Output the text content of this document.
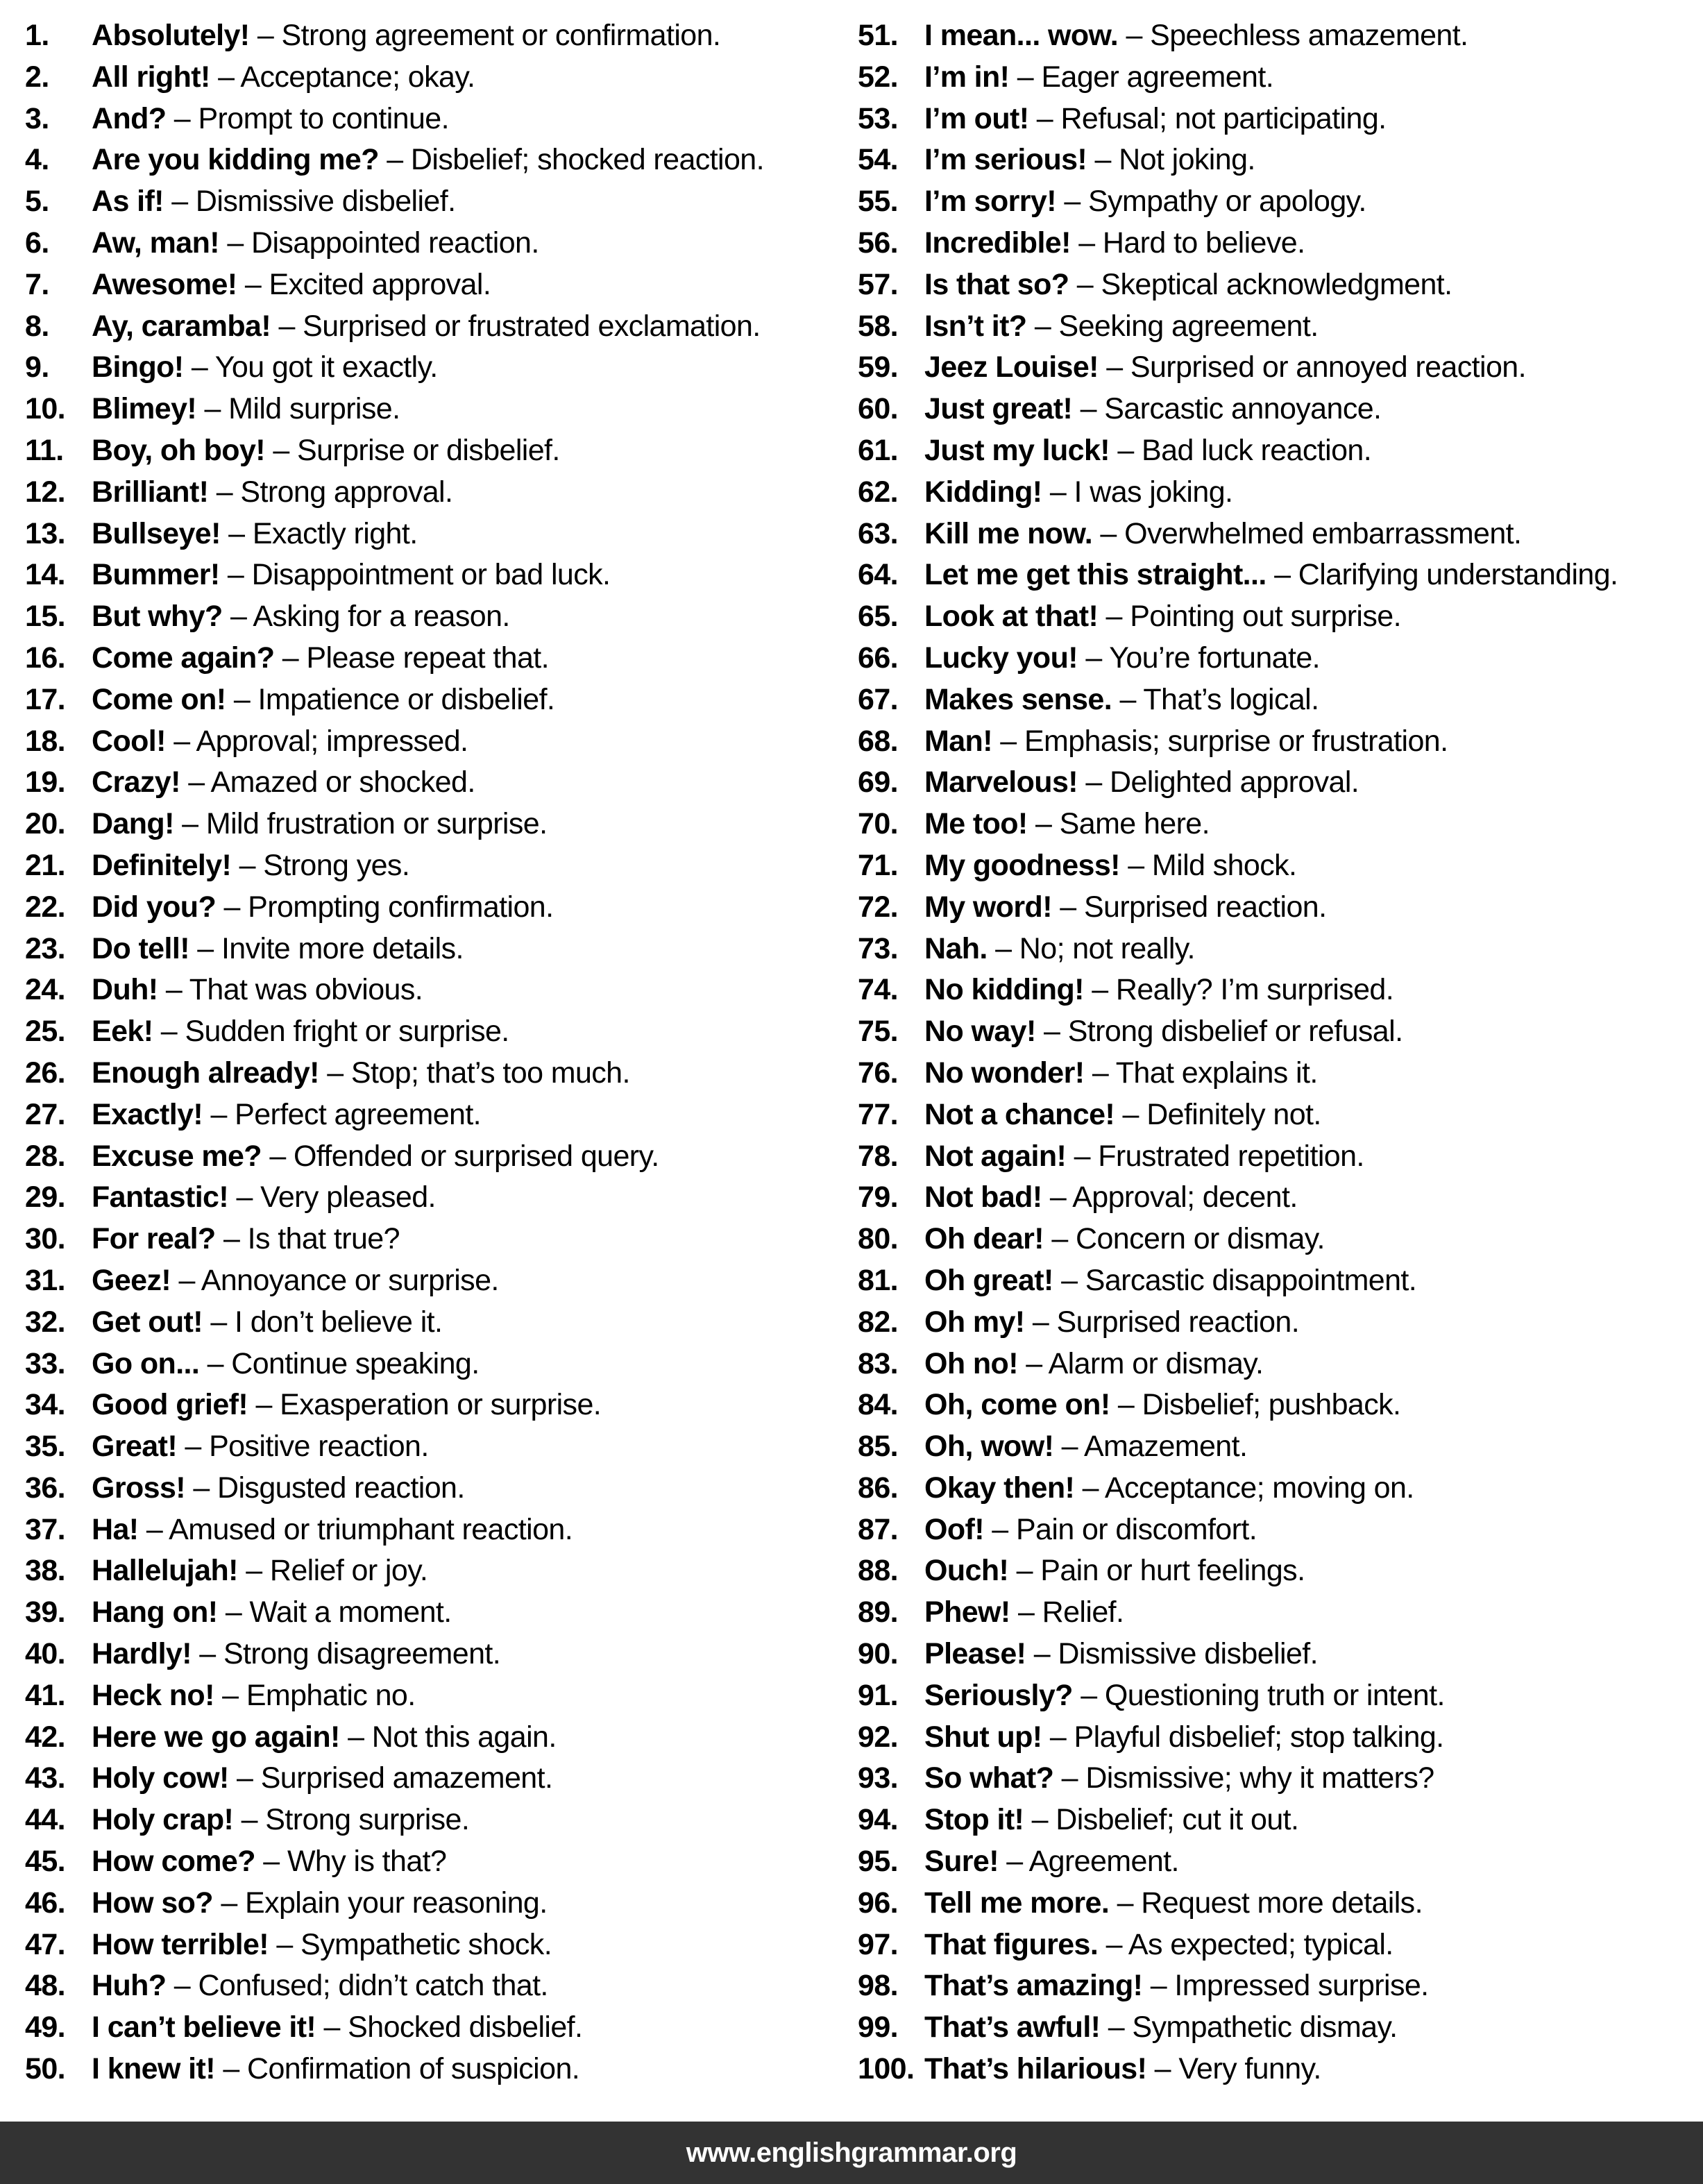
1. Absolutely! – Strong agreement or confirmation.
2. All right! – Acceptance; okay.
3. And? – Prompt to continue.
4. Are you kidding me? – Disbelief; shocked reaction.
5. As if! – Dismissive disbelief.
6. Aw, man! – Disappointed reaction.
7. Awesome! – Excited approval.
8. Ay, caramba! – Surprised or frustrated exclamation.
9. Bingo! – You got it exactly.
10. Blimey! – Mild surprise.
11. Boy, oh boy! – Surprise or disbelief.
12. Brilliant! – Strong approval.
13. Bullseye! – Exactly right.
14. Bummer! – Disappointment or bad luck.
15. But why? – Asking for a reason.
16. Come again? – Please repeat that.
17. Come on! – Impatience or disbelief.
18. Cool! – Approval; impressed.
19. Crazy! – Amazed or shocked.
20. Dang! – Mild frustration or surprise.
21. Definitely! – Strong yes.
22. Did you? – Prompting confirmation.
23. Do tell! – Invite more details.
24. Duh! – That was obvious.
25. Eek! – Sudden fright or surprise.
26. Enough already! – Stop; that’s too much.
27. Exactly! – Perfect agreement.
28. Excuse me? – Offended or surprised query.
29. Fantastic! – Very pleased.
30. For real? – Is that true?
31. Geez! – Annoyance or surprise.
32. Get out! – I don’t believe it.
33. Go on... – Continue speaking.
34. Good grief! – Exasperation or surprise.
35. Great! – Positive reaction.
36. Gross! – Disgusted reaction.
37. Ha! – Amused or triumphant reaction.
38. Hallelujah! – Relief or joy.
39. Hang on! – Wait a moment.
40. Hardly! – Strong disagreement.
41. Heck no! – Emphatic no.
42. Here we go again! – Not this again.
43. Holy cow! – Surprised amazement.
44. Holy crap! – Strong surprise.
45. How come? – Why is that?
46. How so? – Explain your reasoning.
47. How terrible! – Sympathetic shock.
48. Huh? – Confused; didn’t catch that.
49. I can’t believe it! – Shocked disbelief.
50. I knew it! – Confirmation of suspicion.
51. I mean... wow. – Speechless amazement.
52. I’m in! – Eager agreement.
53. I’m out! – Refusal; not participating.
54. I’m serious! – Not joking.
55. I’m sorry! – Sympathy or apology.
56. Incredible! – Hard to believe.
57. Is that so? – Skeptical acknowledgment.
58. Isn’t it? – Seeking agreement.
59. Jeez Louise! – Surprised or annoyed reaction.
60. Just great! – Sarcastic annoyance.
61. Just my luck! – Bad luck reaction.
62. Kidding! – I was joking.
63. Kill me now. – Overwhelmed embarrassment.
64. Let me get this straight... – Clarifying understanding.
65. Look at that! – Pointing out surprise.
66. Lucky you! – You’re fortunate.
67. Makes sense. – That’s logical.
68. Man! – Emphasis; surprise or frustration.
69. Marvelous! – Delighted approval.
70. Me too! – Same here.
71. My goodness! – Mild shock.
72. My word! – Surprised reaction.
73. Nah. – No; not really.
74. No kidding! – Really? I’m surprised.
75. No way! – Strong disbelief or refusal.
76. No wonder! – That explains it.
77. Not a chance! – Definitely not.
78. Not again! – Frustrated repetition.
79. Not bad! – Approval; decent.
80. Oh dear! – Concern or dismay.
81. Oh great! – Sarcastic disappointment.
82. Oh my! – Surprised reaction.
83. Oh no! – Alarm or dismay.
84. Oh, come on! – Disbelief; pushback.
85. Oh, wow! – Amazement.
86. Okay then! – Acceptance; moving on.
87. Oof! – Pain or discomfort.
88. Ouch! – Pain or hurt feelings.
89. Phew! – Relief.
90. Please! – Dismissive disbelief.
91. Seriously? – Questioning truth or intent.
92. Shut up! – Playful disbelief; stop talking.
93. So what? – Dismissive; why it matters?
94. Stop it! – Disbelief; cut it out.
95. Sure! – Agreement.
96. Tell me more. – Request more details.
97. That figures. – As expected; typical.
98. That’s amazing! – Impressed surprise.
99. That’s awful! – Sympathetic dismay.
100. That’s hilarious! – Very funny.
www.englishgrammar.org
